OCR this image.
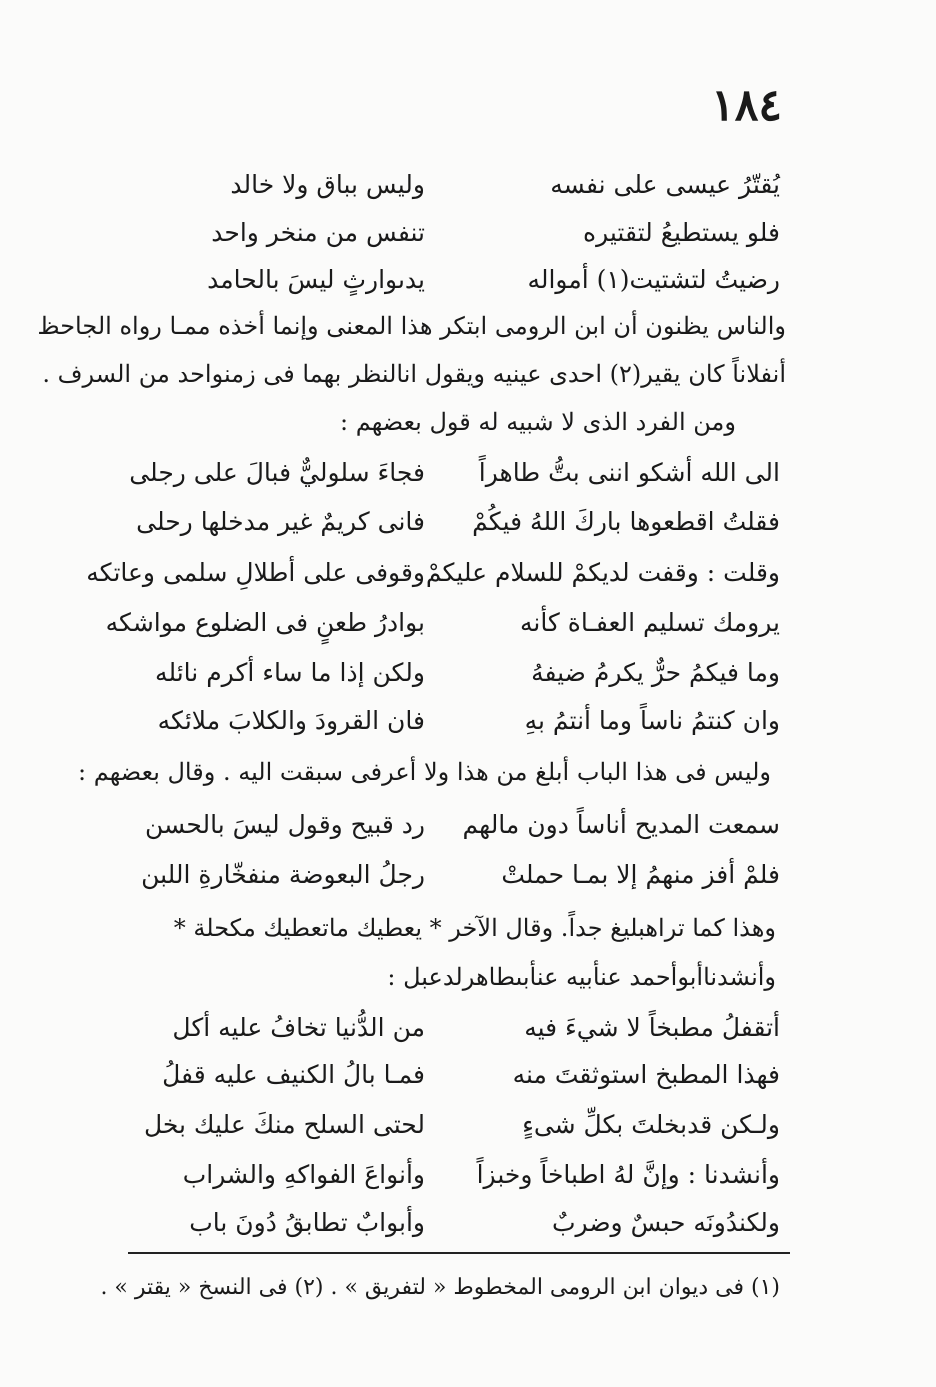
١٨٤
يُقتّرُ عيسى على نفسه
وليس بباق ولا خالد
فلو يستطيعُ لتقتيره
تنفس من منخر واحد
رضيتُ لتشتيت(١) أمواله
يدىوارثٍ ليسَ بالحامد
والناس يظنون أن ابن الرومى ابتكر هذا المعنى وإنما أخذه ممـا رواه الجاحظ
أنفلاناً كان يقير(٢) احدى عينيه ويقول انالنظر بهما فى زمنواحد من السرف .
ومن الفرد الذى لا شبيه له قول بعضهم :
الى الله أشكو اننى بتُّ طاهراً
فجاءَ سلوليٌّ فبالَ على رجلى
فقلتُ اقطعوها باركَ اللهُ فيكُمْ
فانى كريمٌ غير مدخلها رحلى
وقلت : وقفت لديكمْ للسلام عليكمْ
وقوفى على أطلالِ سلمى وعاتكه
يرومك تسليم العفـاة كأنه
بوادرُ طعنٍ فى الضلوع مواشكه
وما فيكمُ حرٌّ يكرمُ ضيفهُ
ولكن إذا ما ساء أكرم نائله
وان كنتمُ ناساً وما أنتمُ بهِ
فان القرودَ والكلابَ ملائكه
وليس فى هذا الباب أبلغ من هذا ولا أعرفى سبقت اليه . وقال بعضهم :
سمعت المديح أناساً دون مالهم
رد قبيح وقول ليسَ بالحسن
فلمْ أفز منهمُ إلا بمـا حملتْ
رجلُ البعوضة منفخّارةِ اللبن
وهذا كما تراهبليغ جداً. وقال الآخر * يعطيك ماتعطيك مكحلة *
وأنشدناأبوأحمد عنأبيه عنأبىطاهرلدعبل :
أتقفلُ مطبخاً لا شيءَ فيه
من الدُّنيا تخافُ عليه أكل
فهذا المطبخ استوثقتَ منه
فمـا بالُ الكنيف عليه قفلُ
ولـكن قدبخلتَ بكلِّ شىءٍ
لحتى السلح منكَ عليك بخل
وأنشدنا : وإنَّ لهُ اطباخاً وخبزاً
وأنواعَ الفواكهِ والشراب
ولكندُونَه حبسٌ وضربٌ
وأبوابٌ تطابقُ دُونَ باب
(١) فى ديوان ابن الرومى المخطوط « لتفريق » . (٢) فى النسخ « يقتر » .
